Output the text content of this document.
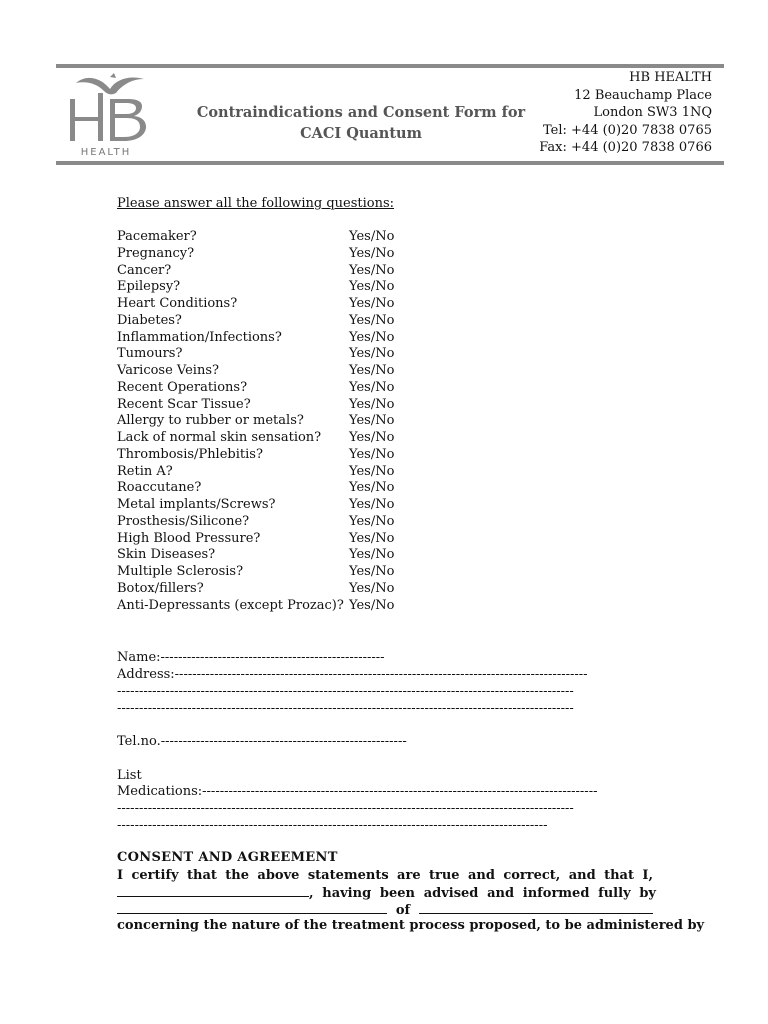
HEALTH
Contraindications and Consent Form for
CACI Quantum
HB HEALTH
12 Beauchamp Place
London SW3 1NQ
Tel: +44 (0)20 7838 0765
Fax: +44 (0)20 7838 0766
Please answer all the following questions:
Pacemaker?	Yes/No
Pregnancy?	Yes/No
Cancer?	Yes/No
Epilepsy?	Yes/No
Heart Conditions?	Yes/No
Diabetes?	Yes/No
Inflammation/Infections?	Yes/No
Tumours?	Yes/No
Varicose Veins?	Yes/No
Recent Operations?	Yes/No
Recent Scar Tissue?	Yes/No
Allergy to rubber or metals?	Yes/No
Lack of normal skin sensation? Yes/No
Thrombosis/Phlebitis?	Yes/No
Retin A?	Yes/No
Roaccutane?	Yes/No
Metal implants/Screws?	Yes/No
Prosthesis/Silicone?	Yes/No
High Blood Pressure?	Yes/No
Skin Diseases?	Yes/No
Multiple Sclerosis?	Yes/No
Botox/fillers?	Yes/No
Anti-Depressants (except Prozac)? Yes/No
Name:---------------------------------------------------
Address:----------------------------------------------------------------------------------------------
--------------------------------------------------------------------------------------------------------
--------------------------------------------------------------------------------------------------------
Tel.no.--------------------------------------------------------
List
Medications:------------------------------------------------------------------------------------------
--------------------------------------------------------------------------------------------------------
--------------------------------------------------------------------------------------------------
CONSENT AND AGREEMENT
I certify that the above statements are true and correct, and that I,
, having been advised and informed fully by
of
concerning the nature of the treatment process proposed, to be administered by
